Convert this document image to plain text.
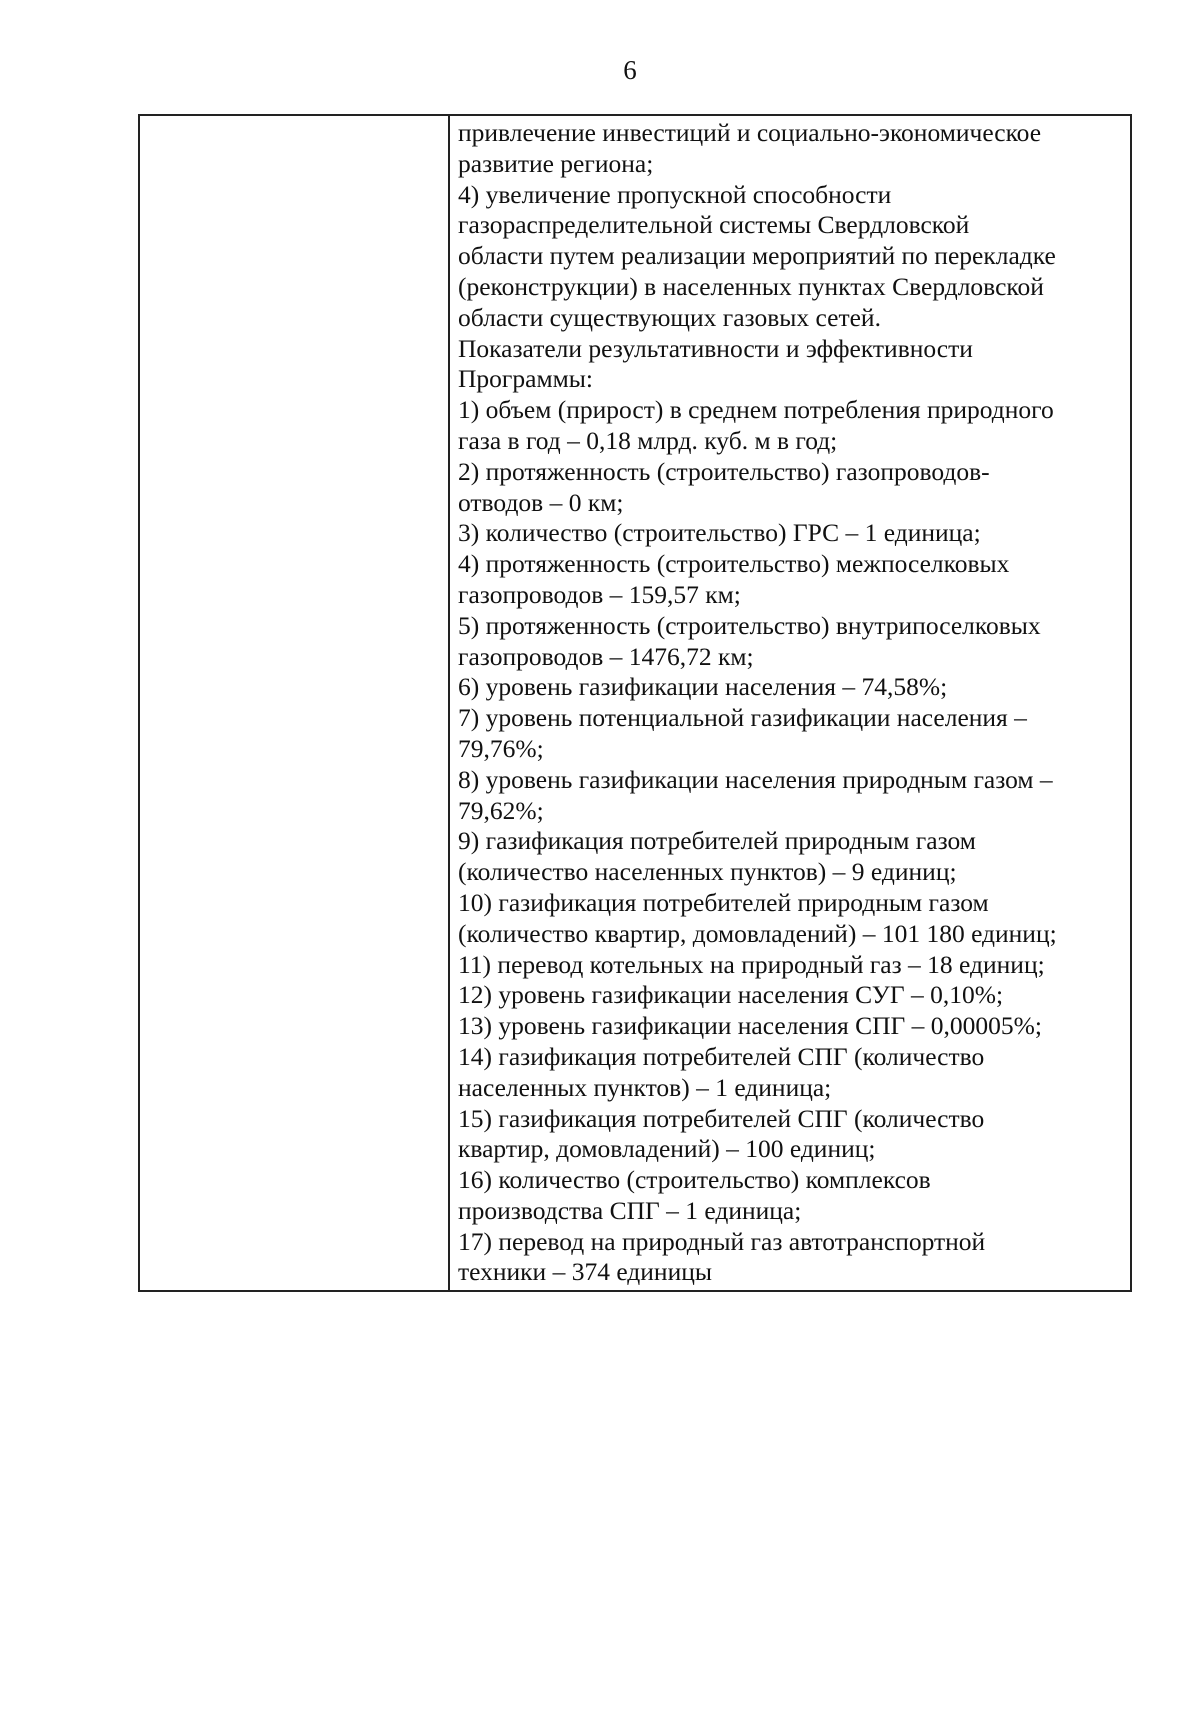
6
привлечение инвестиций и социально-экономическое
развитие региона;
4) увеличение пропускной способности
газораспределительной системы Свердловской
области путем реализации мероприятий по перекладке
(реконструкции) в населенных пунктах Свердловской
области существующих газовых сетей.
Показатели результативности и эффективности
Программы:
1) объем (прирост) в среднем потребления природного
газа в год – 0,18 млрд. куб. м в год;
2) протяженность (строительство) газопроводов-
отводов – 0 км;
3) количество (строительство) ГРС – 1 единица;
4) протяженность (строительство) межпоселковых
газопроводов – 159,57 км;
5) протяженность (строительство) внутрипоселковых
газопроводов – 1476,72 км;
6) уровень газификации населения – 74,58%;
7) уровень потенциальной газификации населения –
79,76%;
8) уровень газификации населения природным газом –
79,62%;
9) газификация потребителей природным газом
(количество населенных пунктов) – 9 единиц;
10) газификация потребителей природным газом
(количество квартир, домовладений) – 101 180 единиц;
11) перевод котельных на природный газ – 18 единиц;
12) уровень газификации населения СУГ – 0,10%;
13) уровень газификации населения СПГ – 0,00005%;
14) газификация потребителей СПГ (количество
населенных пунктов) – 1 единица;
15) газификация потребителей СПГ (количество
квартир, домовладений) – 100 единиц;
16) количество (строительство) комплексов
производства СПГ – 1 единица;
17) перевод на природный газ автотранспортной
техники – 374 единицы
